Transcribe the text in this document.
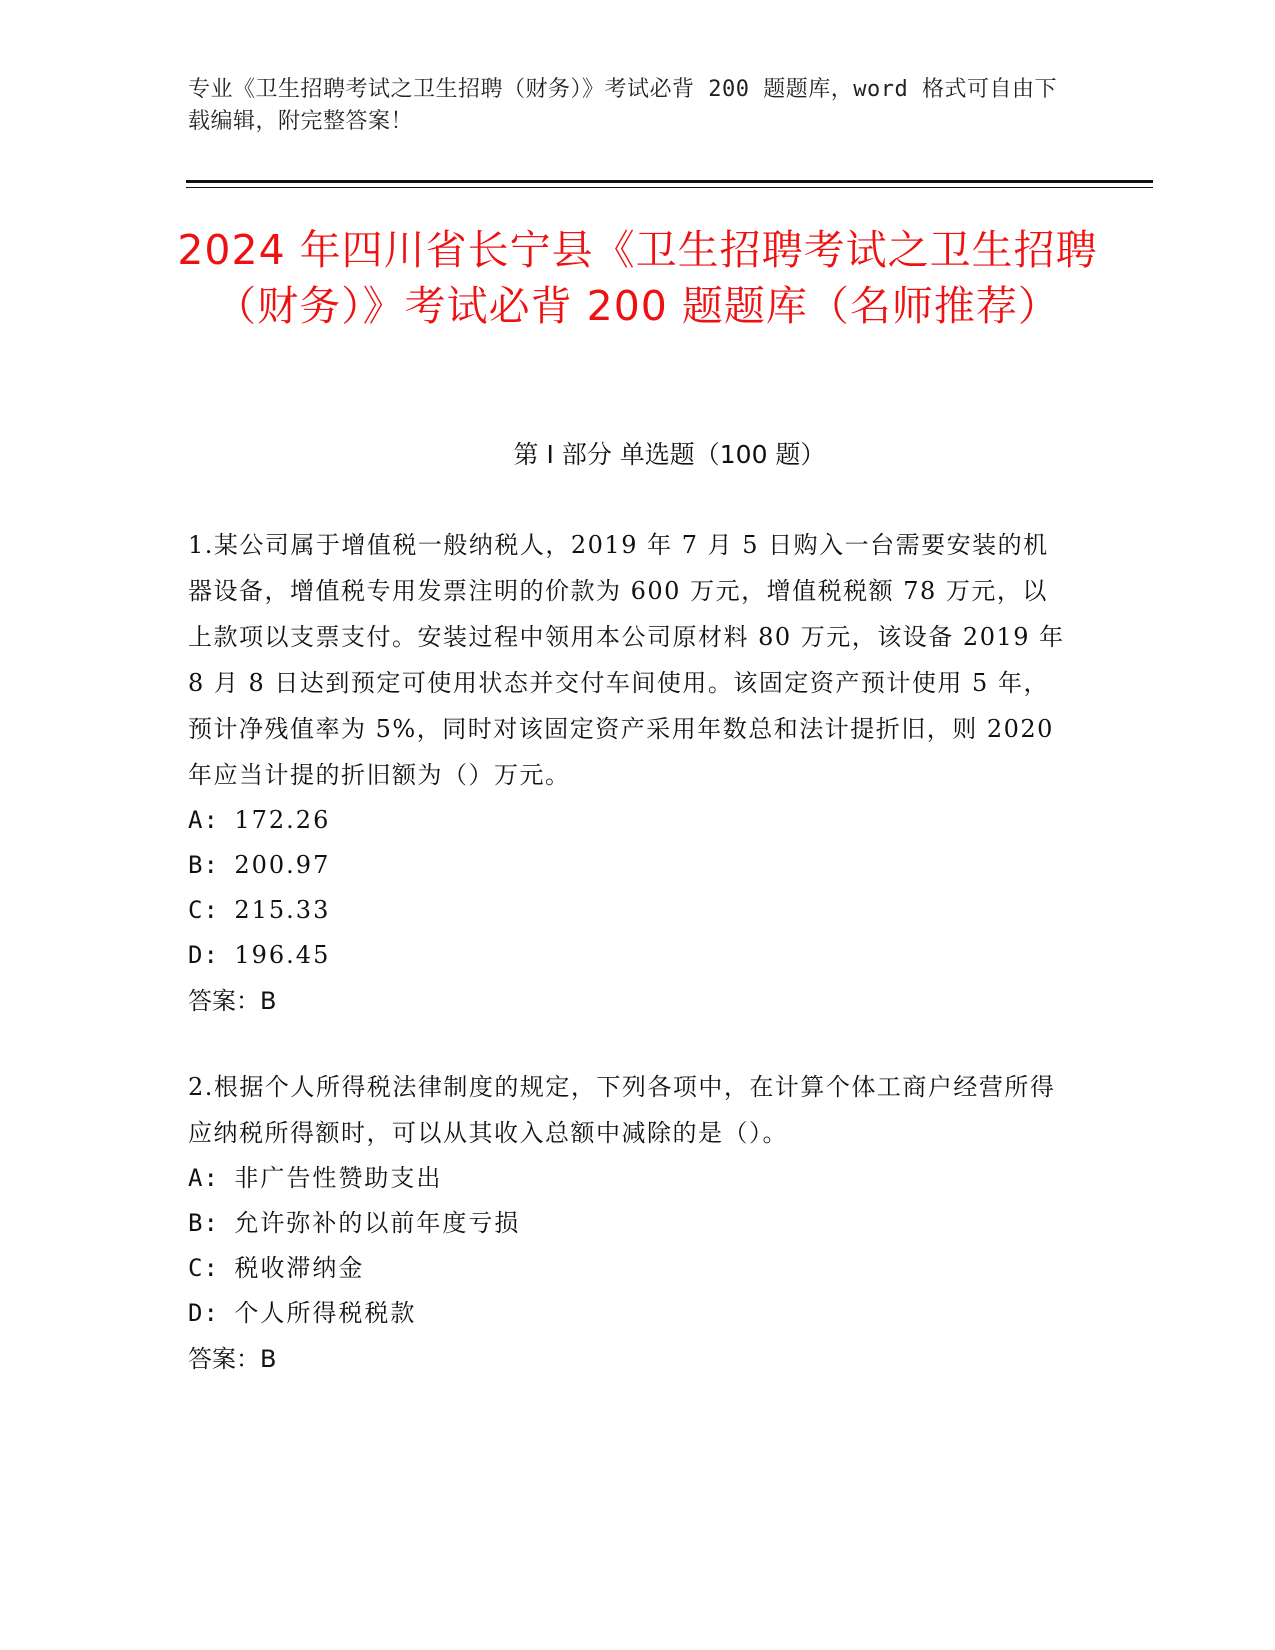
专业《卫生招聘考试之卫生招聘（财务）》考试必背 200 题题库，word 格式可自由下载编辑，附完整答案！
2024 年四川省长宁县《卫生招聘考试之卫生招聘（财务）》考试必背 200 题题库（名师推荐）
第 I 部分 单选题（100 题）

1.某公司属于增值税一般纳税人，2019 年 7 月 5 日购入一台需要安装的机器设备，增值税专用发票注明的价款为 600 万元，增值税税额 78 万元，以上款项以支票支付。安装过程中领用本公司原材料 80 万元，该设备 2019 年 8 月 8 日达到预定可使用状态并交付车间使用。该固定资产预计使用 5 年，预计净残值率为 5%，同时对该固定资产采用年数总和法计提折旧，则 2020 年应当计提的折旧额为（）万元。

A: 172.26

B: 200.97

C: 215.33

D: 196.45

答案：B

2.根据个人所得税法律制度的规定，下列各项中，在计算个体工商户经营所得应纳税所得额时，可以从其收入总额中减除的是（）。

A: 非广告性赞助支出

B: 允许弥补的以前年度亏损

C: 税收滞纳金

D: 个人所得税税款

答案：B
